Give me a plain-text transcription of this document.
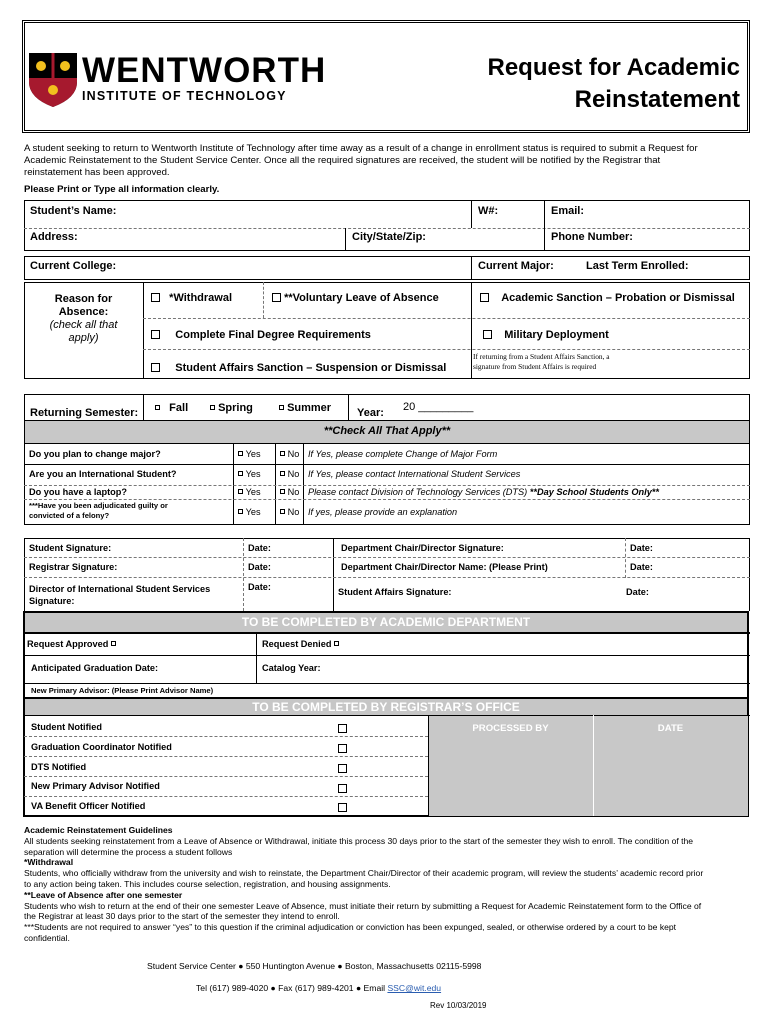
WENTWORTH
INSTITUTE OF TECHNOLOGY
Request for Academic
Reinstatement
A student seeking to return to Wentworth Institute of Technology after time away as a result of a change in enrollment status is required to submit a Request for
Academic Reinstatement to the Student Service Center. Once all the required signatures are received, the student will be notified by the Registrar that
reinstatement has been approved.
Please Print or Type all information clearly.
Student’s Name:	W#:	Email:
Address:	City/State/Zip:	Phone Number:
Current College:	Current Major:	Last Term Enrolled:
Reason for
Absence:
(check all that
apply)
*Withdrawal	**Voluntary Leave of Absence	Academic Sanction – Probation or Dismissal
Complete Final Degree Requirements	Military Deployment
Student Affairs Sanction – Suspension or Dismissal
If returning from a Student Affairs Sanction, a
signature from Student Affairs is required
Returning Semester:	Fall	Spring	Summer Year: 20 _________
**Check All That Apply**
Do you plan to change major?	Yes	No If Yes, please complete Change of Major Form
Are you an International Student?	Yes	No If Yes, please contact International Student Services
Do you have a laptop?	Yes	No Please contact Division of Technology Services (DTS) **Day School Students Only**
***Have you been adjudicated guilty or
convicted of a felony?	Yes	No If yes, please provide an explanation
Student Signature:	Date:	Department Chair/Director Signature:	Date:
Registrar Signature:	Date:	Department Chair/Director Name: (Please Print)	Date:
Director of International Student Services
Signature:
Date:	Student Affairs Signature:	Date:
TO BE COMPLETED BY ACADEMIC DEPARTMENT
Request Approved	Request Denied
Anticipated Graduation Date:	Catalog Year:
New Primary Advisor: (Please Print Advisor Name)
TO BE COMPLETED BY REGISTRAR’S OFFICE
PROCESSED BY	DATE
Student Notified
Graduation Coordinator Notified
DTS Notified
New Primary Advisor Notified
VA Benefit Officer Notified
Academic Reinstatement Guidelines
All students seeking reinstatement from a Leave of Absence or Withdrawal, initiate this process 30 days prior to the start of the semester they wish to enroll. The condition of the
separation will determine the process a student follows
*Withdrawal
Students, who officially withdraw from the university and wish to reinstate, the Department Chair/Director of their academic program, will review the students’ academic record prior
to any action being taken. This includes course selection, registration, and housing assignments.
**Leave of Absence after one semester
Students who wish to return at the end of their one semester Leave of Absence, must initiate their return by submitting a Request for Academic Reinstatement form to the Office of
the Registrar at least 30 days prior to the start of the semester they intend to enroll.
***Students are not required to answer “yes” to this question if the criminal adjudication or conviction has been expunged, sealed, or otherwise ordered by a court to be kept
confidential.
Student Service Center ● 550 Huntington Avenue ● Boston, Massachusetts 02115-5998
Tel (617) 989-4020 ● Fax (617) 989-4201 ● Email SSC@wit.edu
Rev 10/03/2019
